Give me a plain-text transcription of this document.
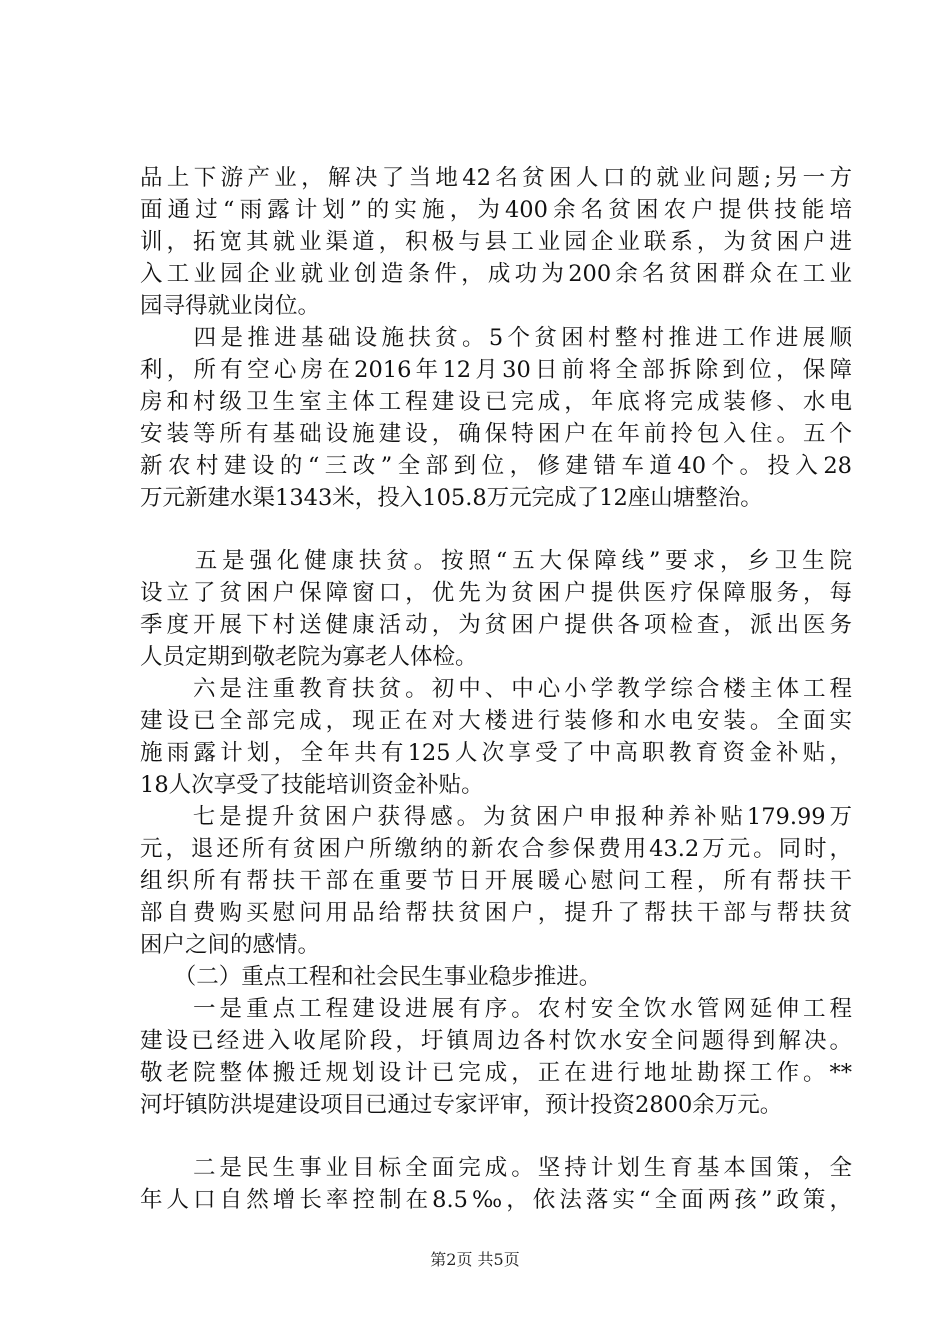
品上下游产业，解决了当地42名贫困人口的就业问题;另一方
面通过“雨露计划”的实施，为400余名贫困农户提供技能培
训，拓宽其就业渠道，积极与县工业园企业联系，为贫困户进
入工业园企业就业创造条件，成功为200余名贫困群众在工业
园寻得就业岗位。
　　四是推进基础设施扶贫。5个贫困村整村推进工作进展顺
利，所有空心房在2016年12月30日前将全部拆除到位，保障
房和村级卫生室主体工程建设已完成，年底将完成装修、水电
安装等所有基础设施建设，确保特困户在年前拎包入住。五个
新农村建设的“三改”全部到位，修建错车道40个。投入28
万元新建水渠1343米，投入105.8万元完成了12座山塘整治。
　　五是强化健康扶贫。按照“五大保障线”要求，乡卫生院
设立了贫困户保障窗口，优先为贫困户提供医疗保障服务，每
季度开展下村送健康活动，为贫困户提供各项检查，派出医务
人员定期到敬老院为寡老人体检。
　　六是注重教育扶贫。初中、中心小学教学综合楼主体工程
建设已全部完成，现正在对大楼进行装修和水电安装。全面实
施雨露计划，全年共有125人次享受了中高职教育资金补贴，
18人次享受了技能培训资金补贴。
　　七是提升贫困户获得感。为贫困户申报种养补贴179.99万
元，退还所有贫困户所缴纳的新农合参保费用43.2万元。同时，
组织所有帮扶干部在重要节日开展暖心慰问工程，所有帮扶干
部自费购买慰问用品给帮扶贫困户，提升了帮扶干部与帮扶贫
困户之间的感情。
　　（二）重点工程和社会民生事业稳步推进。
　　一是重点工程建设进展有序。农村安全饮水管网延伸工程
建设已经进入收尾阶段，圩镇周边各村饮水安全问题得到解决。
敬老院整体搬迁规划设计已完成，正在进行地址勘探工作。**
河圩镇防洪堤建设项目已通过专家评审，预计投资2800余万元。
　　二是民生事业目标全面完成。坚持计划生育基本国策，全
年人口自然增长率控制在8.5‰，依法落实“全面两孩”政策，
第2页 共5页
